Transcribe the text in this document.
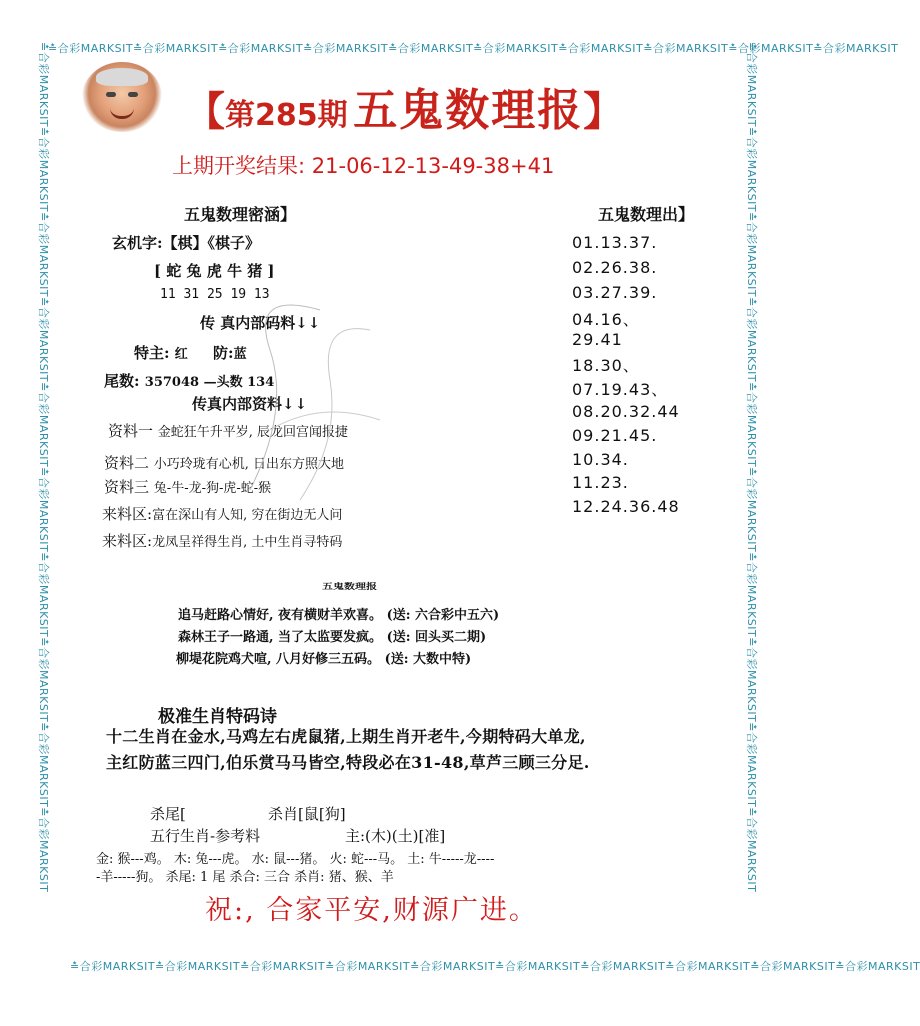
≛合彩MARKSIT≛合彩MARKSIT≛合彩MARKSIT≛合彩MARKSIT≛合彩MARKSIT≛合彩MARKSIT≛合彩MARKSIT≛合彩MARKSIT≛合彩MARKSIT≛合彩MARKSIT
≛合彩MARKSIT≛合彩MARKSIT≛合彩MARKSIT≛合彩MARKSIT≛合彩MARKSIT≛合彩MARKSIT≛合彩MARKSIT≛合彩MARKSIT≛合彩MARKSIT≛合彩MARKSIT
≛合彩MARKSIT≛合彩MARKSIT≛合彩MARKSIT≛合彩MARKSIT≛合彩MARKSIT≛合彩MARKSIT≛合彩MARKSIT≛合彩MARKSIT≛合彩MARKSIT≛合彩MARKSIT	≛合彩MARKSIT≛合彩MARKSIT≛合彩MARKSIT≛合彩MARKSIT≛合彩MARKSIT≛合彩MARKSIT≛合彩MARKSIT≛合彩MARKSIT≛合彩MARKSIT≛合彩MARKSIT
【第285期 五鬼数理报】
上期开奖结果: 21-06-12-13-49-38+41
五鬼数理密涵】	五鬼数理出】
玄机字:【棋】《棋子》
[ 蛇 兔 虎 牛 猪 ]
11 31 25 19 13
传 真内部码料↓↓
特主: 红 防:蓝
尾数: 357048 —头数 134
传真内部资料↓↓
资料一 金蛇狂午升平岁, 辰龙回宫闻报捷
资料二 小巧玲珑有心机, 日出东方照大地
资料三 兔-牛-龙-狗-虎-蛇-猴
来料区:富在深山有人知, 穷在街边无人问
来料区:龙凤呈祥得生肖, 土中生肖寻特码
01.13.37.
02.26.38.
03.27.39.
04.16、
29.41
18.30、
07.19.43、
08.20.32.44
09.21.45.
10.34.
11.23.
12.24.36.48
五鬼数理报
追马赶路心情好, 夜有横财羊欢喜。 (送: 六合彩中五六)
森林王子一路通, 当了太监要发疯。 (送: 回头买二期)
柳堤花院鸡犬喧, 八月好修三五码。 (送: 大数中特)
极准生肖特码诗
十二生肖在金水,马鸡左右虎鼠猪,上期生肖开老牛,今期特码大单龙,
主红防蓝三四门,伯乐赏马马皆空,特段必在31-48,草芦三顾三分足.
杀尾[	杀肖[鼠[狗]
五行生肖-参考料	主:(木)(土)[准]
金: 猴---鸡。 木: 兔---虎。 水: 鼠---猪。 火: 蛇---马。 土: 牛-----龙----
-羊-----狗。 杀尾: 1 尾 杀合: 三合 杀肖: 猪、猴、羊
祝:, 合家平安,财源广进。
